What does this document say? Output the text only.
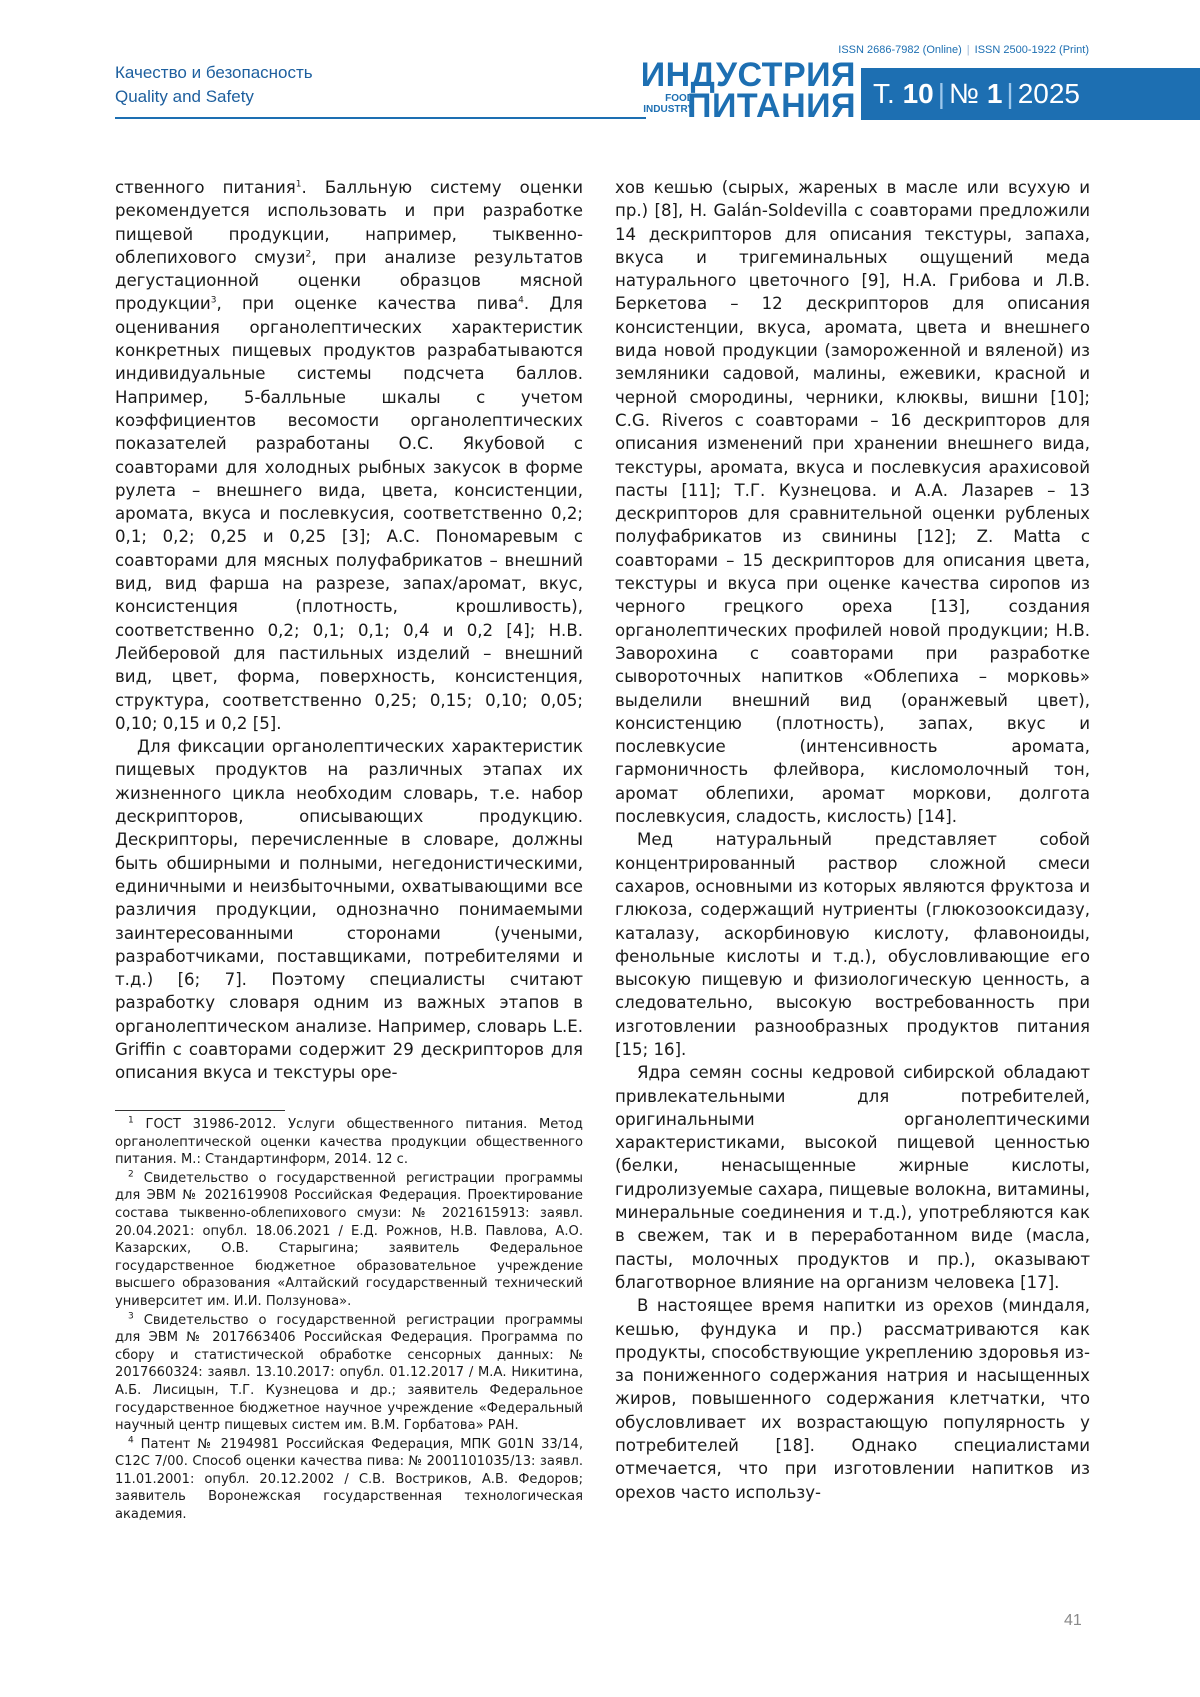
Качество и безопасность
Quality and Safety
ISSN 2686-7982 (Online) | ISSN 2500-1922 (Print)
ИНДУСТРИЯ
FOOD
INDUSTRY
ПИТАНИЯ Т. 10 | № 1 | 2025

ственного питания$^1$. Балльную систему оценки рекомендуется использовать и при разработке пищевой продукции, например, тыквенно-облепихового смузи$^2$, при анализе результатов дегустационной оценки образцов мясной продукции$^3$, при оценке качества пива$^4$. Для оценивания органолептических характеристик конкретных пищевых продуктов разрабатываются индивидуальные системы подсчета баллов. Например, 5-балльные шкалы с учетом коэффициентов весомости органолептических показателей разработаны О.С. Якубовой с соавторами для холодных рыбных закусок в форме рулета – внешнего вида, цвета, консистенции, аромата, вкуса и послевкусия, соответственно 0,2; 0,1; 0,2; 0,25 и 0,25 [3]; А.С. Пономаревым с соавторами для мясных полуфабрикатов – внешний вид, вид фарша на разрезе, запах/аромат, вкус, консистенция (плотность, крошливость), соответственно 0,2; 0,1; 0,1; 0,4 и 0,2 [4]; Н.В. Лейберовой для пастильных изделий – внешний вид, цвет, форма, поверхность, консистенция, структура, соответственно 0,25; 0,15; 0,10; 0,05; 0,10; 0,15 и 0,2 [5].

Для фиксации органолептических характеристик пищевых продуктов на различных этапах их жизненного цикла необходим словарь, т.е. набор дескрипторов, описывающих продукцию. Дескрипторы, перечисленные в словаре, должны быть обширными и полными, негедонистическими, единичными и неизбыточными, охватывающими все различия продукции, однозначно понимаемыми заинтересованными сторонами (учеными, разработчиками, поставщиками, потребителями и т.д.) [6; 7]. Поэтому специалисты считают разработку словаря одним из важных этапов в органолептическом анализе. Например, словарь L.E. Griffin с соавторами содержит 29 дескрипторов для описания вкуса и текстуры оре-

хов кешью (сырых, жареных в масле или всухую и пр.) [8], H. Galán-Soldevilla с соавторами предложили 14 дескрипторов для описания текстуры, запаха, вкуса и тригеминальных ощущений меда натурального цветочного [9], Н.А. Грибова и Л.В. Беркетова – 12 дескрипторов для описания консистенции, вкуса, аромата, цвета и внешнего вида новой продукции (замороженной и вяленой) из земляники садовой, малины, ежевики, красной и черной смородины, черники, клюквы, вишни [10]; C.G. Riveros с соавторами – 16 дескрипторов для описания изменений при хранении внешнего вида, текстуры, аромата, вкуса и послевкусия арахисовой пасты [11]; Т.Г. Кузнецова. и А.А. Лазарев – 13 дескрипторов для сравнительной оценки рубленых полуфабрикатов из свинины [12]; Z. Matta с соавторами – 15 дескрипторов для описания цвета, текстуры и вкуса при оценке качества сиропов из черного грецкого ореха [13], создания органолептических профилей новой продукции; Н.В. Заворохина с соавторами при разработке сывороточных напитков «Облепиха – морковь» выделили внешний вид (оранжевый цвет), консистенцию (плотность), запах, вкус и послевкусие (интенсивность аромата, гармоничность флейвора, кисломолочный тон, аромат облепихи, аромат моркови, долгота послевкусия, сладость, кислость) [14].

Мед натуральный представляет собой концентрированный раствор сложной смеси сахаров, основными из которых являются фруктоза и глюкоза, содержащий нутриенты (глюкозооксидазу, каталазу, аскорбиновую кислоту, флавоноиды, фенольные кислоты и т.д.), обусловливающие его высокую пищевую и физиологическую ценность, а следовательно, высокую востребованность при изготовлении разнообразных продуктов питания [15; 16].

Ядра семян сосны кедровой сибирской обладают привлекательными для потребителей, оригинальными органолептическими характеристиками, высокой пищевой ценностью (белки, ненасыщенные жирные кислоты, гидролизуемые сахара, пищевые волокна, витамины, минеральные соединения и т.д.), употребляются как в свежем, так и в переработанном виде (масла, пасты, молочных продуктов и пр.), оказывают благотворное влияние на организм человека [17].

В настоящее время напитки из орехов (миндаля, кешью, фундука и пр.) рассматриваются как продукты, способствующие укреплению здоровья из-за пониженного содержания натрия и насыщенных жиров, повышенного содержания клетчатки, что обусловливает их возрастающую популярность у потребителей [18]. Однако специалистами отмечается, что при изготовлении напитков из орехов часто использу-

$^1$ ГОСТ 31986-2012. Услуги общественного питания. Метод органолептической оценки качества продукции общественного питания. М.: Стандартинформ, 2014. 12 с.

$^2$ Свидетельство о государственной регистрации программы для ЭВМ № 2021619908 Российская Федерация. Проектирование состава тыквенно-облепихового смузи: № 2021615913: заявл. 20.04.2021: опубл. 18.06.2021 / Е.Д. Рожнов, Н.В. Павлова, А.О. Казарских, О.В. Старыгина; заявитель Федеральное государственное бюджетное образовательное учреждение высшего образования «Алтайский государственный технический университет им. И.И. Ползунова».

$^3$ Свидетельство о государственной регистрации программы для ЭВМ № 2017663406 Российская Федерация. Программа по сбору и статистической обработке сенсорных данных: № 2017660324: заявл. 13.10.2017: опубл. 01.12.2017 / М.А. Никитина, А.Б. Лисицын, Т.Г. Кузнецова и др.; заявитель Федеральное государственное бюджетное научное учреждение «Федеральный научный центр пищевых систем им. В.М. Горбатова» РАН.

$^4$ Патент № 2194981 Российская Федерация, МПК G01N 33/14, C12C 7/00. Способ оценки качества пива: № 2001101035/13: заявл. 11.01.2001: опубл. 20.12.2002 / С.В. Востриков, А.В. Федоров; заявитель Воронежская государственная технологическая академия.

41
